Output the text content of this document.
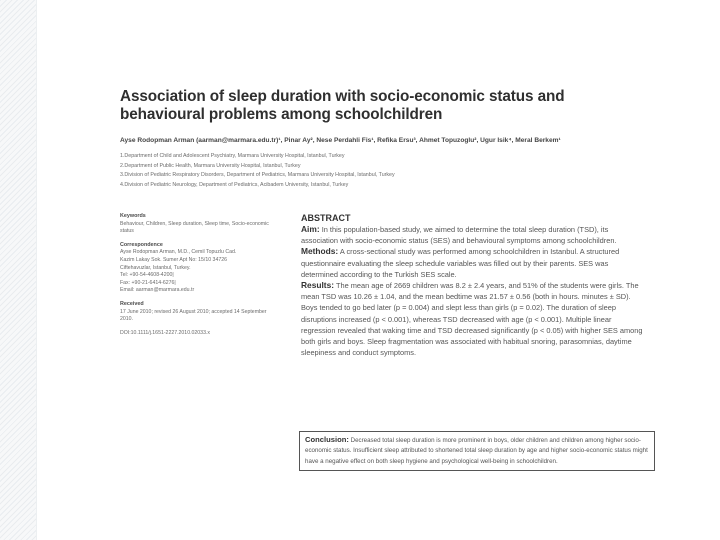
Association of sleep duration with socio-economic status and behavioural problems among schoolchildren
Ayse Rodopman Arman (aarman@marmara.edu.tr)¹, Pinar Ay², Nese Perdahli Fis¹, Refika Ersu³, Ahmet Topuzoglu², Ugur Isik⁴, Meral Berkem¹
1.Department of Child and Adolescent Psychiatry, Marmara University Hospital, Istanbul, Turkey
2.Department of Public Health, Marmara University Hospital, Istanbul, Turkey
3.Division of Pediatric Respiratory Disorders, Department of Pediatrics, Marmara University Hospital, Istanbul, Turkey
4.Division of Pediatric Neurology, Department of Pediatrics, Acibadem University, Istanbul, Turkey
Keywords
Behaviour, Children, Sleep duration, Sleep time, Socio-economic status
Correspondence
Ayse Rodopman Arman, M.D., Cemil Topuzlu Cad.
Kazim Lakay Sok. Sumer Apt No: 15/10 34726
Ciftehavuzlar, Istanbul, Turkey.
Tel: +90-54-4608-4200|
Fax: +90-21-6414-6276|
Email: aarman@marmara.edu.tr
Received
17 June 2010; revised 26 August 2010; accepted 14 September 2010.
DOI:10.1111/j.1651-2227.2010.02033.x
ABSTRACT
Aim: In this population-based study, we aimed to determine the total sleep duration (TSD), its association with socio-economic status (SES) and behavioural symptoms among schoolchildren.
Methods: A cross-sectional study was performed among schoolchildren in Istanbul. A structured questionnaire evaluating the sleep schedule variables was filled out by their parents. SES was determined according to the Turkish SES scale.
Results: The mean age of 2669 children was 8.2 ± 2.4 years, and 51% of the students were girls. The mean TSD was 10.26 ± 1.04, and the mean bedtime was 21.57 ± 0.56 (both in hours. minutes ± SD). Boys tended to go bed later (p = 0.004) and slept less than girls (p = 0.02). The duration of sleep disruptions increased (p < 0.001), whereas TSD decreased with age (p < 0.001). Multiple linear regression revealed that waking time and TSD decreased significantly (p < 0.05) with higher SES among both girls and boys. Sleep fragmentation was associated with habitual snoring, parasomnias, daytime sleepiness and conduct symptoms.
Conclusion: Decreased total sleep duration is more prominent in boys, older children and children among higher socio-economic status. Insufficient sleep attributed to shortened total sleep duration by age and higher socio-economic status might have a negative effect on both sleep hygiene and psychological well-being in schoolchildren.
